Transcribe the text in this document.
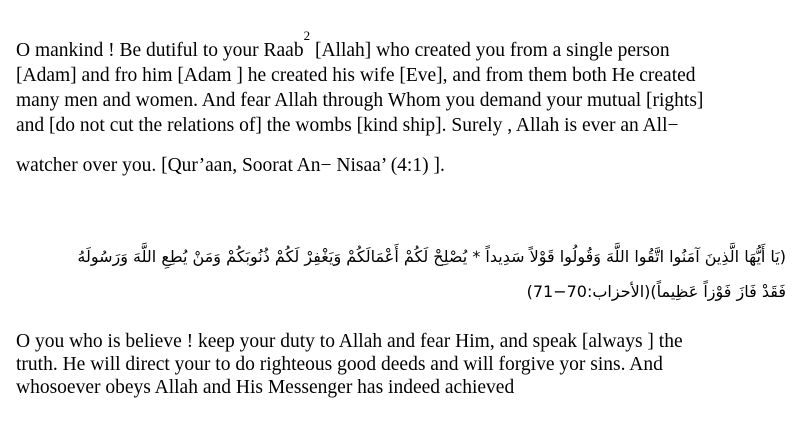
O mankind ! Be dutiful to your Raab$^2$ [Allah] who created you from a single person
[Adam] and fro him [Adam ] he created his wife [Eve], and from them both He created
many men and women. And fear Allah through Whom you demand your mutual [rights]
and [do not cut the relations of] the wombs [kind ship]. Surely , Allah is ever an All−
watcher over you. [Qur’aan, Soorat An− Nisaa’ (4:1) ].
(يَا أَيُّهَا الَّذِينَ آمَنُوا اتَّقُوا اللَّهَ وَقُولُوا قَوْلاً سَدِيداً * يُصْلِحْ لَكُمْ أَعْمَالَكُمْ وَيَغْفِرْ لَكُمْ ذُنُوبَكُمْ وَمَنْ يُطِعِ اللَّهَ وَرَسُولَهُ
فَقَدْ فَازَ فَوْزاً عَظِيماً)(الأحزاب:70−71)
O you who is believe ! keep your duty to Allah and fear Him, and speak [always ] the
truth. He will direct your to do righteous good deeds and will forgive yor sins. And
whosoever obeys Allah and His Messenger has indeed achieved
